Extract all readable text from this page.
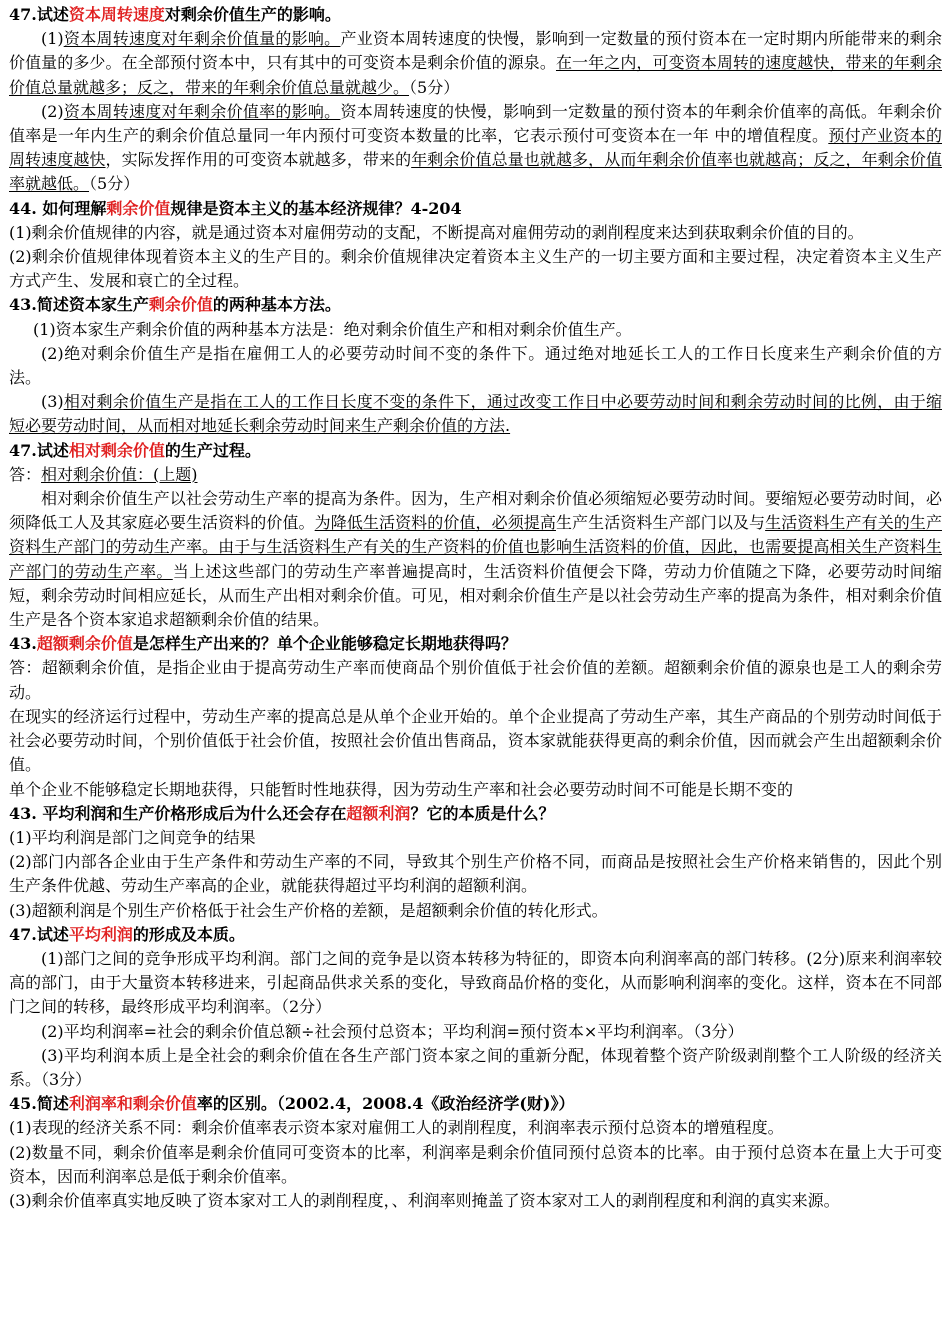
47.试述资本周转速度对剩余价值生产的影响。

(1)资本周转速度对年剩余价值量的影响。产业资本周转速度的快慢，影响到一定数量的预付资本在一定时期内所能带来的剩余价值量的多少。在全部预付资本中，只有其中的可变资本是剩余价值的源泉。在一年之内，可变资本周转的速度越快，带来的年剩余价值总量就越多；反之，带来的年剩余价值总量就越少。（5分）

(2)资本周转速度对年剩余价值率的影响。资本周转速度的快慢，影响到一定数量的预付资本的年剩余价值率的高低。年剩余价值率是一年内生产的剩余价值总量同一年内预付可变资本数量的比率，它表示预付可变资本在一年 中的增值程度。预付产业资本的周转速度越快，实际发挥作用的可变资本就越多，带来的年剩余价值总量也就越多，从而年剩余价值率也就越高；反之，年剩余价值率就越低。（5分）

44. 如何理解剩余价值规律是资本主义的基本经济规律？4-204

(1)剩余价值规律的内容，就是通过资本对雇佣劳动的支配，不断提高对雇佣劳动的剥削程度来达到获取剩余价值的目的。

(2)剩余价值规律体现着资本主义的生产目的。剩余价值规律决定着资本主义生产的一切主要方面和主要过程，决定着资本主义生产方式产生、发展和衰亡的全过程。

43.简述资本家生产剩余价值的两种基本方法。

(1)资本家生产剩余价值的两种基本方法是：绝对剩余价值生产和相对剩余价值生产。

(2)绝对剩余价值生产是指在雇佣工人的必要劳动时间不变的条件下。通过绝对地延长工人的工作日长度来生产剩余价值的方法。

(3)相对剩余价值生产是指在工人的工作日长度不变的条件下，通过改变工作日中必要劳动时间和剩余劳动时间的比例，由于缩短必要劳动时间，从而相对地延长剩余劳动时间来生产剩余价值的方法.

47.试述相对剩余价值的生产过程。

答：相对剩余价值：(上题)

相对剩余价值生产以社会劳动生产率的提高为条件。因为，生产相对剩余价值必须缩短必要劳动时间。要缩短必要劳动时间，必须降低工人及其家庭必要生活资料的价值。为降低生活资料的价值，必须提高生产生活资料生产部门以及与生活资料生产有关的生产资料生产部门的劳动生产率。由于与生活资料生产有关的生产资料的价值也影响生活资料的价值，因此，也需要提高相关生产资料生产部门的劳动生产率。当上述这些部门的劳动生产率普遍提高时，生活资料价值便会下降，劳动力价值随之下降，必要劳动时间缩短，剩余劳动时间相应延长，从而生产出相对剩余价值。可见，相对剩余价值生产是以社会劳动生产率的提高为条件，相对剩余价值生产是各个资本家追求超额剩余价值的结果。

43.超额剩余价值是怎样生产出来的？单个企业能够稳定长期地获得吗？

答：超额剩余价值，是指企业由于提高劳动生产率而使商品个别价值低于社会价值的差额。超额剩余价值的源泉也是工人的剩余劳动。

在现实的经济运行过程中，劳动生产率的提高总是从单个企业开始的。单个企业提高了劳动生产率，其生产商品的个别劳动时间低于社会必要劳动时间，个别价值低于社会价值，按照社会价值出售商品，资本家就能获得更高的剩余价值，因而就会产生出超额剩余价值。

单个企业不能够稳定长期地获得，只能暂时性地获得，因为劳动生产率和社会必要劳动时间不可能是长期不变的

43. 平均利润和生产价格形成后为什么还会存在超额利润？它的本质是什么？

(1)平均利润是部门之间竞争的结果

(2)部门内部各企业由于生产条件和劳动生产率的不同，导致其个别生产价格不同，而商品是按照社会生产价格来销售的，因此个别生产条件优越、劳动生产率高的企业，就能获得超过平均利润的超额利润。

(3)超额利润是个别生产价格低于社会生产价格的差额，是超额剩余价值的转化形式。

47.试述平均利润的形成及本质。

(1)部门之间的竞争形成平均利润。部门之间的竞争是以资本转移为特征的，即资本向利润率高的部门转移。(2分)原来利润率较高的部门，由于大量资本转移进来，引起商品供求关系的变化，导致商品价格的变化，从而影响利润率的变化。这样，资本在不同部门之间的转移，最终形成平均利润率。（2分）

(2)平均利润率=社会的剩余价值总额÷社会预付总资本；平均利润=预付资本×平均利润率。（3分）

(3)平均利润本质上是全社会的剩余价值在各生产部门资本家之间的重新分配，体现着整个资产阶级剥削整个工人阶级的经济关系。（3分）

45.简述利润率和剩余价值率的区别。（2002.4，2008.4《政治经济学(财)》）

(1)表现的经济关系不同：剩余价值率表示资本家对雇佣工人的剥削程度，利润率表示预付总资本的增殖程度。

(2)数量不同，剩余价值率是剩余价值同可变资本的比率，利润率是剩余价值同预付总资本的比率。由于预付总资本在量上大于可变资本，因而利润率总是低于剩余价值率。

(3)剩余价值率真实地反映了资本家对工人的剥削程度，、利润率则掩盖了资本家对工人的剥削程度和利润的真实来源。
